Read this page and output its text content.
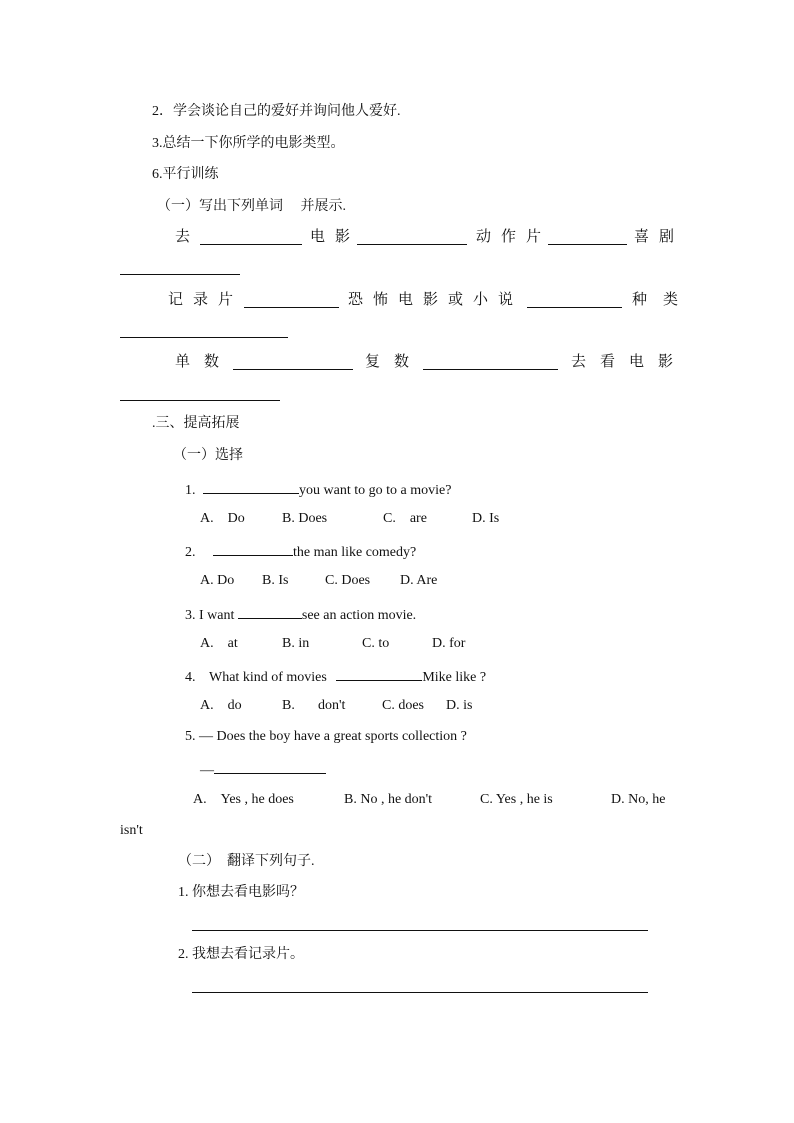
2．学会谈论自己的爱好并询问他人爱好.
3.总结一下你所学的电影类型。
6.平行训练
（一）写出下列单词　 并展示.
去	电影	动作片	喜剧
记录片	恐怖电影或小说	种类
单数	复数	去看电影
.三、提高拓展
（一）选择
1.	you want to go to a movie?
A.　Do	B. Does	C.　are	D. Is
2.	the man like comedy?
A. Do B. Is	C. Does D. Are
3. I want	see an action movie.
A.　at	B. in	C. to	D. for
4. What kind of movies	Mike like ?
A.　do	B. don't	C. does D. is
5. — Does the boy have a great sports collection ?
—
A.　Yes , he does	B. No , he don't	C. Yes , he is	D. No, he
isn't
（二）　翻译下列句子.
1. 你想去看电影吗？
2. 我想去看记录片。
